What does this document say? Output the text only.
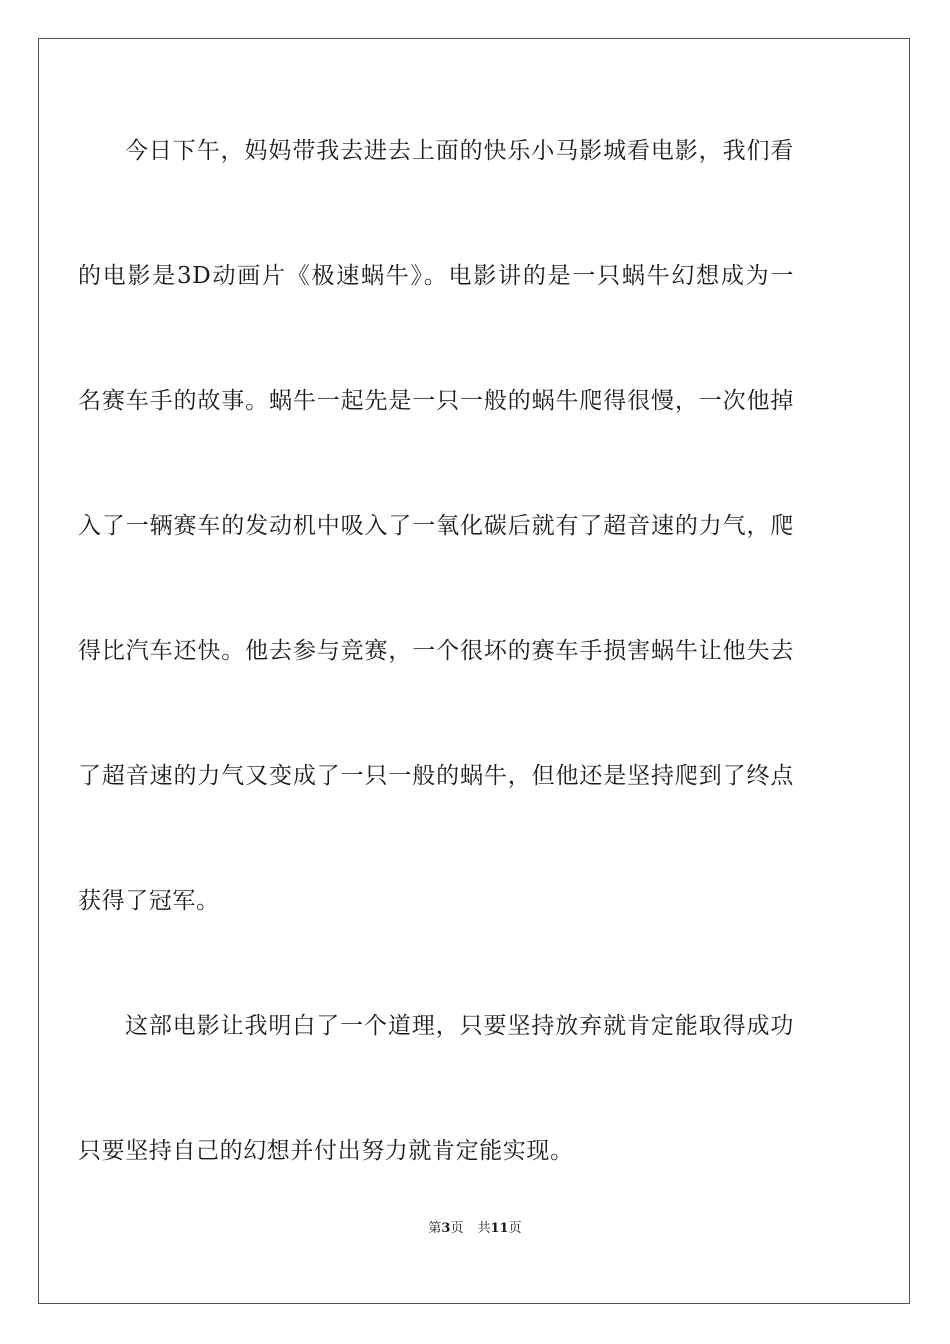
今日下午，妈妈带我去进去上面的快乐小马影城看电影，我们看
的电影是3D动画片《极速蜗牛》。电影讲的是一只蜗牛幻想成为一
名赛车手的故事。蜗牛一起先是一只一般的蜗牛爬得很慢，一次他掉
入了一辆赛车的发动机中吸入了一氧化碳后就有了超音速的力气，爬
得比汽车还快。他去参与竞赛，一个很坏的赛车手损害蜗牛让他失去
了超音速的力气又变成了一只一般的蜗牛，但他还是坚持爬到了终点
获得了冠军。
这部电影让我明白了一个道理，只要坚持放弃就肯定能取得成功
只要坚持自己的幻想并付出努力就肯定能实现。
第3页 共11页
